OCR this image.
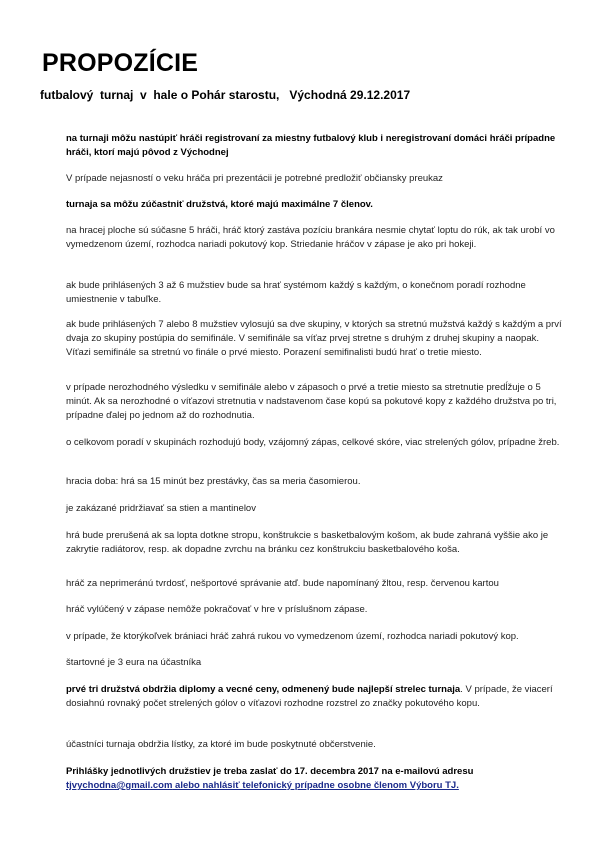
PROPOZÍCIE
futbalový  turnaj  v  hale o Pohár starostu,   Východná 29.12.2017

na turnaji môžu nastúpiť hráči registrovaní za miestny futbalový klub i neregistrovaní domáci hráči prípadne hráči, ktorí majú pôvod z Východnej

V prípade nejasností o veku hráča pri prezentácii je potrebné predložiť občiansky preukaz

turnaja sa môžu zúčastniť družstvá, ktoré majú maximálne 7 členov.

na hracej ploche sú súčasne 5 hráči, hráč ktorý zastáva pozíciu brankára nesmie chytať loptu do rúk, ak tak urobí vo vymedzenom území, rozhodca nariadi pokutový kop. Striedanie hráčov v zápase je ako pri hokeji.

ak bude prihlásených 3 až 6 mužstiev bude sa hrať systémom každý s každým, o konečnom poradí rozhodne umiestnenie v tabuľke.

ak bude prihlásených 7 alebo 8 mužstiev vylosujú sa dve skupiny, v ktorých sa stretnú mužstvá každý s každým a prví dvaja zo skupiny postúpia do semifinále. V semifinále sa víťaz prvej stretne s druhým z druhej skupiny a naopak. Víťazi semifinále sa stretnú vo finále o prvé miesto. Porazení semifinalisti budú hrať o tretie miesto.

v prípade nerozhodného výsledku v semifinále alebo v zápasoch o prvé a tretie miesto sa stretnutie predĺžuje o 5 minút. Ak sa nerozhodné o víťazovi stretnutia v nadstavenom čase kopú sa pokutové kopy z každého družstva po tri, prípadne ďalej po jednom až do rozhodnutia.

o celkovom poradí v skupinách rozhodujú body, vzájomný zápas, celkové skóre, viac strelených gólov, prípadne žreb.

hracia doba: hrá sa 15 minút bez prestávky, čas sa meria časomierou.

je zakázané pridržiavať sa stien a mantinelov

hrá bude prerušená ak sa lopta dotkne stropu, konštrukcie s basketbalovým košom, ak bude zahraná vyššie ako je zakrytie radiátorov, resp. ak dopadne zvrchu na bránku cez konštrukciu basketbalového koša.

hráč za neprimeránú tvrdosť, nešportové správanie atď. bude napomínaný žltou, resp. červenou kartou

hráč vylúčený v zápase nemôže pokračovať v hre v príslušnom zápase.

v prípade, že ktorýkoľvek brániaci hráč zahrá rukou vo vymedzenom území, rozhodca nariadi pokutový kop.

štartovné je 3 eura na účastníka

prvé tri družstvá obdržia diplomy a vecné ceny, odmenený bude najlepší strelec turnaja. V prípade, že viacerí dosiahnú rovnaký počet strelených gólov o víťazovi rozhodne rozstrel zo značky pokutového kopu.

účastníci turnaja obdržia lístky, za ktoré im bude poskytnuté občerstvenie.

Prihlášky jednotlivých družstiev je treba zaslať do 17. decembra 2017 na e-mailovú adresu
tjvychodna@gmail.com alebo nahlásiť telefonický prípadne osobne členom Výboru TJ.
